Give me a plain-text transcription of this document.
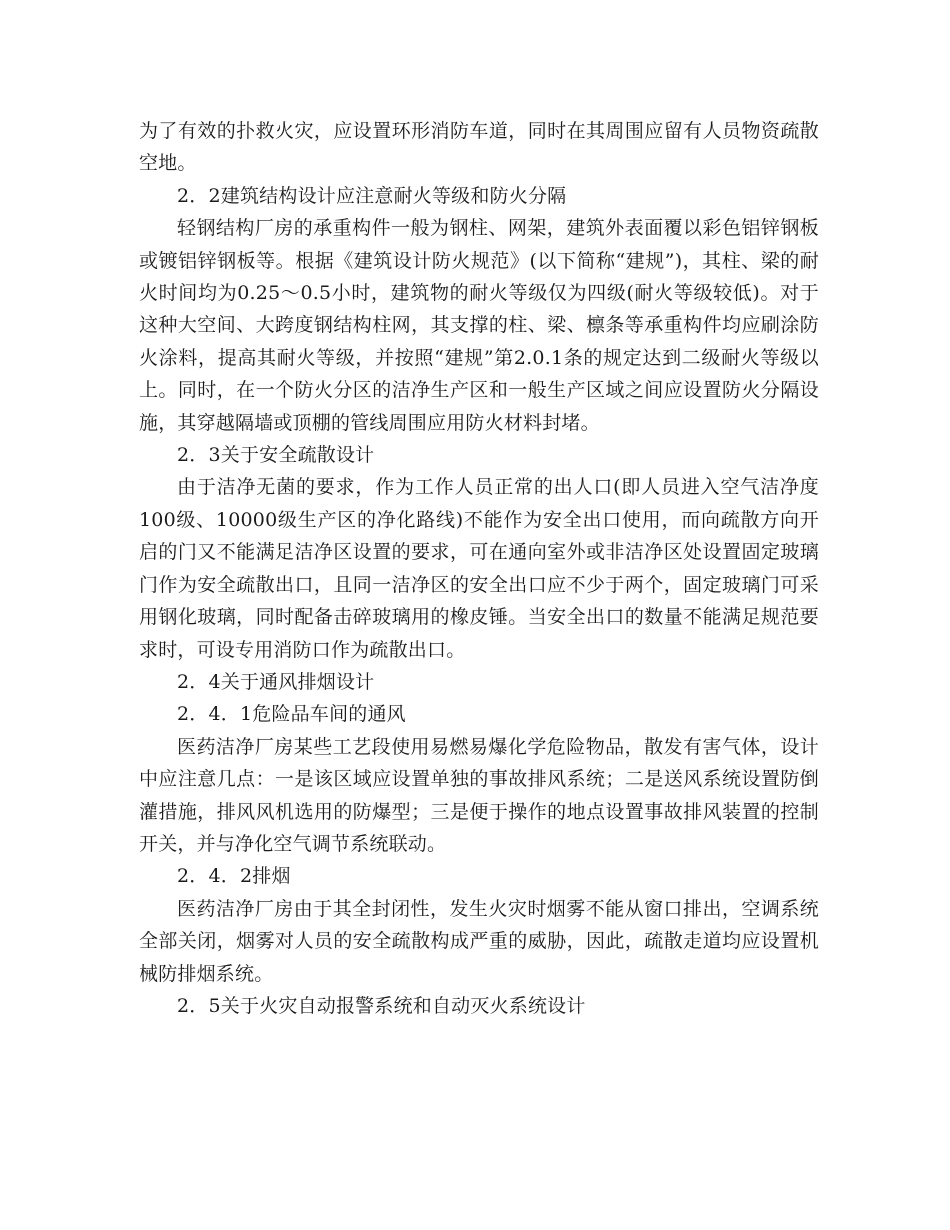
为了有效的扑救火灾，应设置环形消防车道，同时在其周围应留有人员物资疏散空地。

2．2建筑结构设计应注意耐火等级和防火分隔

轻钢结构厂房的承重构件一般为钢柱、网架，建筑外表面覆以彩色铝锌钢板或镀铝锌钢板等。根据《建筑设计防火规范》(以下简称“建规”)，其柱、梁的耐火时间均为0.25～0.5小时，建筑物的耐火等级仅为四级(耐火等级较低)。对于这种大空间、大跨度钢结构柱网，其支撑的柱、梁、檩条等承重构件均应刷涂防火涂料，提高其耐火等级，并按照“建规”第2.0.1条的规定达到二级耐火等级以上。同时，在一个防火分区的洁净生产区和一般生产区域之间应设置防火分隔设施，其穿越隔墙或顶棚的管线周围应用防火材料封堵。

2．3关于安全疏散设计

由于洁净无菌的要求，作为工作人员正常的出人口(即人员进入空气洁净度100级、10000级生产区的净化路线)不能作为安全出口使用，而向疏散方向开启的门又不能满足洁净区设置的要求，可在通向室外或非洁净区处设置固定玻璃门作为安全疏散出口，且同一洁净区的安全出口应不少于两个，固定玻璃门可采用钢化玻璃，同时配备击碎玻璃用的橡皮锤。当安全出口的数量不能满足规范要求时，可设专用消防口作为疏散出口。

2．4关于通风排烟设计

2．4．1危险品车间的通风

医药洁净厂房某些工艺段使用易燃易爆化学危险物品，散发有害气体，设计中应注意几点：一是该区域应设置单独的事故排风系统；二是送风系统设置防倒灌措施，排风风机选用的防爆型；三是便于操作的地点设置事故排风装置的控制开关，并与净化空气调节系统联动。

2．4．2排烟

医药洁净厂房由于其全封闭性，发生火灾时烟雾不能从窗口排出，空调系统全部关闭，烟雾对人员的安全疏散构成严重的威胁，因此，疏散走道均应设置机械防排烟系统。

2．5关于火灾自动报警系统和自动灭火系统设计
